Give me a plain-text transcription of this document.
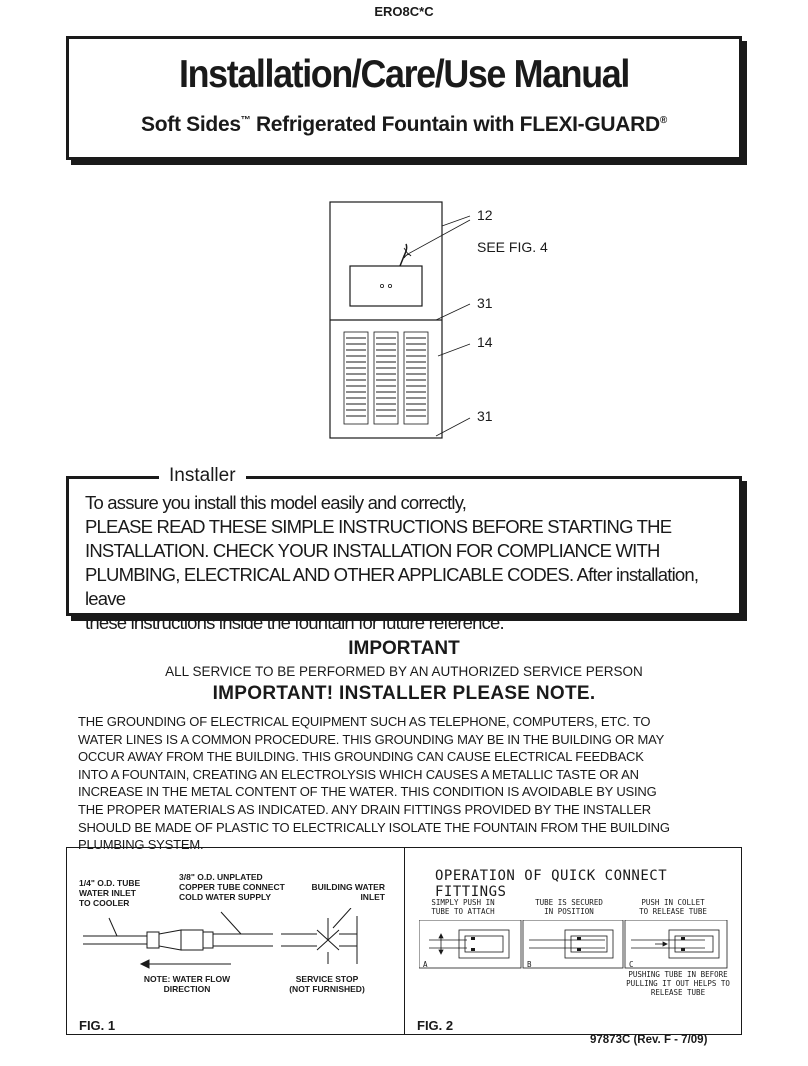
ERO8C*C
Installation/Care/Use Manual
Soft Sides™ Refrigerated Fountain with FLEXI-GUARD®
12
SEE FIG. 4
31
14
31
Installer
To assure you install this model easily and correctly,
PLEASE READ THESE SIMPLE INSTRUCTIONS BEFORE STARTING THE
INSTALLATION. CHECK YOUR INSTALLATION FOR COMPLIANCE WITH
PLUMBING, ELECTRICAL AND OTHER APPLICABLE CODES. After installation, leave
these instructions inside the fountain for future reference.
IMPORTANT
ALL SERVICE TO BE PERFORMED BY AN AUTHORIZED SERVICE PERSON
IMPORTANT! INSTALLER PLEASE NOTE.
THE GROUNDING OF ELECTRICAL EQUIPMENT SUCH AS TELEPHONE, COMPUTERS, ETC. TO
WATER LINES IS A COMMON PROCEDURE. THIS GROUNDING MAY BE IN THE BUILDING OR MAY
OCCUR AWAY FROM THE BUILDING. THIS GROUNDING CAN CAUSE ELECTRICAL FEEDBACK
INTO A FOUNTAIN, CREATING AN ELECTROLYSIS WHICH CAUSES A METALLIC TASTE OR AN
INCREASE IN THE METAL CONTENT OF THE WATER. THIS CONDITION IS AVOIDABLE BY USING
THE PROPER MATERIALS AS INDICATED. ANY DRAIN FITTINGS PROVIDED BY THE INSTALLER
SHOULD BE MADE OF PLASTIC TO ELECTRICALLY ISOLATE THE FOUNTAIN FROM THE BUILDING
PLUMBING SYSTEM.
1/4" O.D. TUBE
WATER INLET
TO COOLER
3/8" O.D. UNPLATED
COPPER TUBE CONNECT
COLD WATER SUPPLY
BUILDING WATER
INLET
NOTE: WATER FLOW
DIRECTION
SERVICE STOP
(NOT FURNISHED)
FIG. 1
OPERATION OF QUICK CONNECT FITTINGS
SIMPLY PUSH IN
TUBE TO ATTACH
TUBE IS SECURED
IN POSITION
PUSH IN COLLET
TO RELEASE TUBE
A	B	C
PUSHING TUBE IN BEFORE
PULLING IT OUT HELPS TO
RELEASE TUBE
FIG. 2
97873C (Rev. F - 7/09)
